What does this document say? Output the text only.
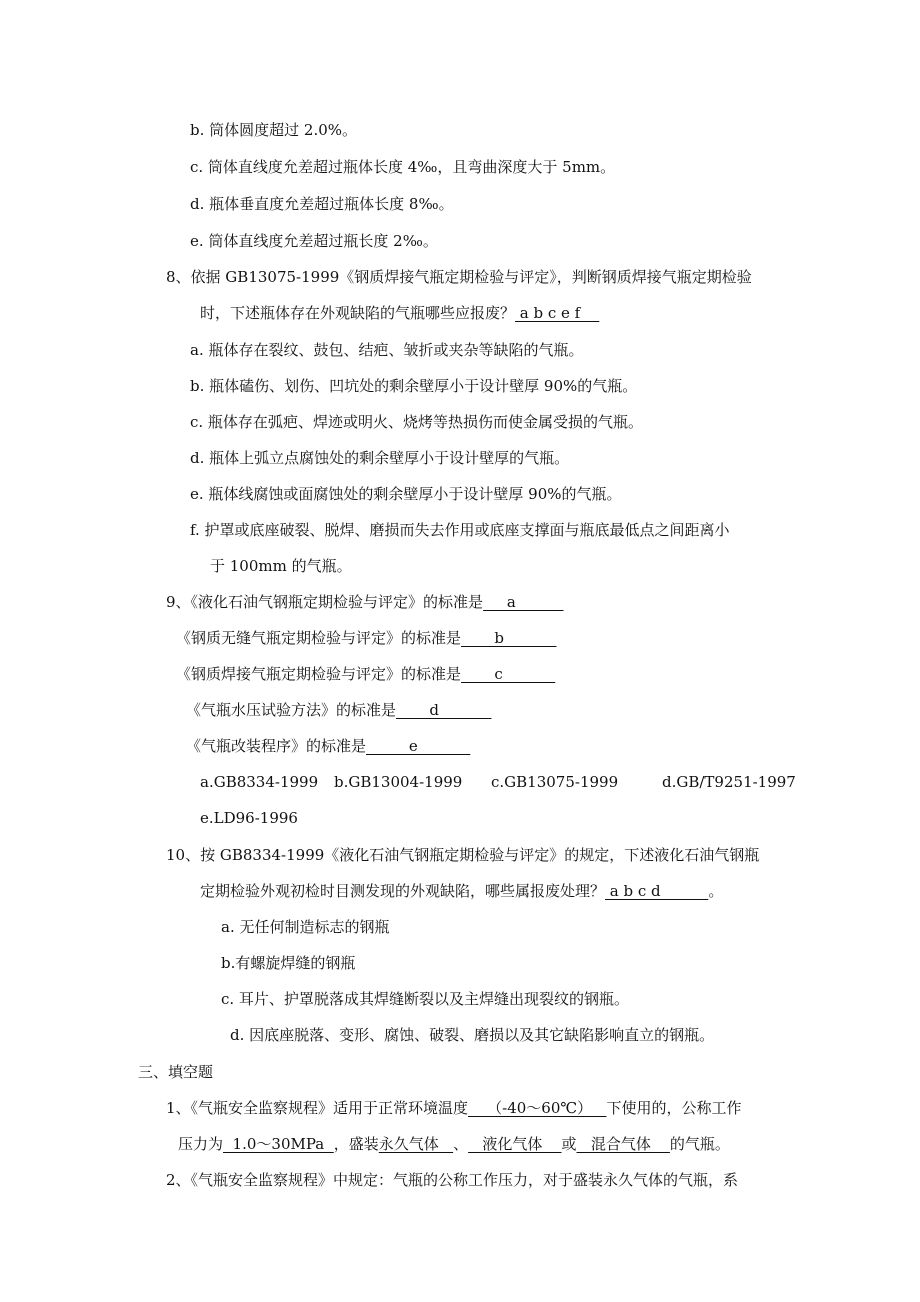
b. 筒体圆度超过 2.0%。
c. 筒体直线度允差超过瓶体长度 4‰，且弯曲深度大于 5mm。
d. 瓶体垂直度允差超过瓶体长度 8‰。
e. 筒体直线度允差超过瓶长度 2‰。
8、依据 GB13075-1999《钢质焊接气瓶定期检验与评定》，判断钢质焊接气瓶定期检验
时，下述瓶体存在外观缺陷的气瓶哪些应报废？ a b c e f
a. 瓶体存在裂纹、鼓包、结疤、皱折或夹杂等缺陷的气瓶。
b. 瓶体磕伤、划伤、凹坑处的剩余壁厚小于设计壁厚 90%的气瓶。
c. 瓶体存在弧疤、焊迹或明火、烧烤等热损伤而使金属受损的气瓶。
d. 瓶体上弧立点腐蚀处的剩余壁厚小于设计壁厚的气瓶。
e. 瓶体线腐蚀或面腐蚀处的剩余壁厚小于设计壁厚 90%的气瓶。
f. 护罩或底座破裂、脱焊、磨损而失去作用或底座支撑面与瓶底最低点之间距离小
于 100mm 的气瓶。
9、《液化石油气钢瓶定期检验与评定》的标准是     a
《钢质无缝气瓶定期检验与评定》的标准是       b
《钢质焊接气瓶定期检验与评定》的标准是       c
《气瓶水压试验方法》的标准是       d
《气瓶改装程序》的标准是         e
a.GB8334-1999 b.GB13004-1999 c.GB13075-1999	d.GB/T9251-1997
e.LD96-1996
10、按 GB8334-1999《液化石油气钢瓶定期检验与评定》的规定，下述液化石油气钢瓶
定期检验外观初检时目测发现的外观缺陷，哪些属报废处理？ a b c d          。
a. 无任何制造标志的钢瓶
b.有螺旋焊缝的钢瓶
c. 耳片、护罩脱落成其焊缝断裂以及主焊缝出现裂纹的钢瓶。
d. 因底座脱落、变形、腐蚀、破裂、磨损以及其它缺陷影响直立的钢瓶。
三、填空题
1、《气瓶安全监察规程》适用于正常环境温度    （-40～60℃）   下使用的，公称工作
压力为  1.0～30MPa  ，盛装永久气体   、   液化气体    或   混合气体    的气瓶。
2、《气瓶安全监察规程》中规定：气瓶的公称工作压力，对于盛装永久气体的气瓶，系
